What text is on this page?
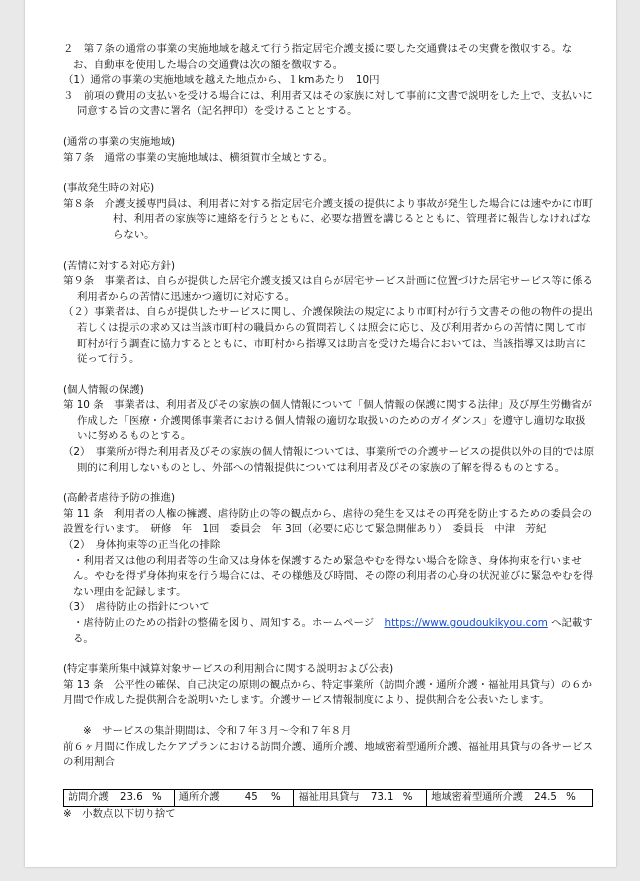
２　第７条の通常の事業の実施地域を越えて行う指定居宅介護支援に要した交通費はその実費を徴収する。な

お、自動車を使用した場合の交通費は次の額を徴収する。

（1）通常の事業の実施地域を越えた地点から、１kmあたり　10円

３　前項の費用の支払いを受ける場合には、利用者又はその家族に対して事前に文書で説明をした上で、支払いに同意する旨の文書に署名（記名押印）を受けることとする。

(通常の事業の実施地域)

第７条　通常の事業の実施地域は、横須賀市全域とする。

(事故発生時の対応)

第８条　介護支援専門員は、利用者に対する指定居宅介護支援の提供により事故が発生した場合には速やかに市町村、利用者の家族等に連絡を行うとともに、必要な措置を講じるとともに、管理者に報告しなければならない。

(苦情に対する対応方針)

第９条　事業者は、自らが提供した居宅介護支援又は自らが居宅サービス計画に位置づけた居宅サービス等に係る利用者からの苦情に迅速かつ適切に対応する。

（２）事業者は、自らが提供したサービスに関し、介護保険法の規定により市町村が行う文書その他の物件の提出若しくは提示の求め又は当該市町村の職員からの質問若しくは照会に応じ、及び利用者からの苦情に関して市町村が行う調査に協力するとともに、市町村から指導又は助言を受けた場合においては、当該指導又は助言に従って行う。

(個人情報の保護)

第 10 条　事業者は、利用者及びその家族の個人情報について「個人情報の保護に関する法律」及び厚生労働省が作成した「医療・介護関係事業者における個人情報の適切な取扱いのためのガイダンス」を遵守し適切な取扱いに努めるものとする。

（2）　事業所が得た利用者及びその家族の個人情報については、事業所での介護サービスの提供以外の目的では原則的に利用しないものとし、外部への情報提供については利用者及びその家族の了解を得るものとする。

(高齢者虐待予防の推進)

第 11 条　利用者の人権の擁護、虐待防止の等の観点から、虐待の発生を又はその再発を防止するための委員会の設置を行います。　研修　年　1回　委員会　年 3回（必要に応じて緊急開催あり）　委員長　中津　芳紀

（2）　身体拘束等の正当化の排除

・利用者又は他の利用者等の生命又は身体を保護するため緊急やむを得ない場合を除き、身体拘束を行いません。やむを得ず身体拘束を行う場合には、その様態及び時間、その際の利用者の心身の状況並びに緊急やむを得ない理由を記録します。

（3）　虐待防止の指針について

・虐待防止のための指針の整備を図り、周知する。ホームページ　https://www.goudoukikyou.com へ記載する。

(特定事業所集中減算対象サービスの利用割合に関する説明および公表)

第 13 条　公平性の確保、自己決定の原則の観点から、特定事業所（訪問介護・通所介護・福祉用具貸与）の６か月間で作成した提供割合を説明いたします。介護サービス情報制度により、提供割合を公表いたします。

※　サービスの集計期間は、令和７年３月～令和７年８月

前６ヶ月間に作成したケアプランにおける訪問介護、通所介護、地域密着型通所介護、福祉用具貸与の各サービスの利用割合

訪問介護 23.6 %	通所介護 45 %	福祉用具貸与 73.1 %	地域密着型通所介護 24.5 %

※　小数点以下切り捨て
